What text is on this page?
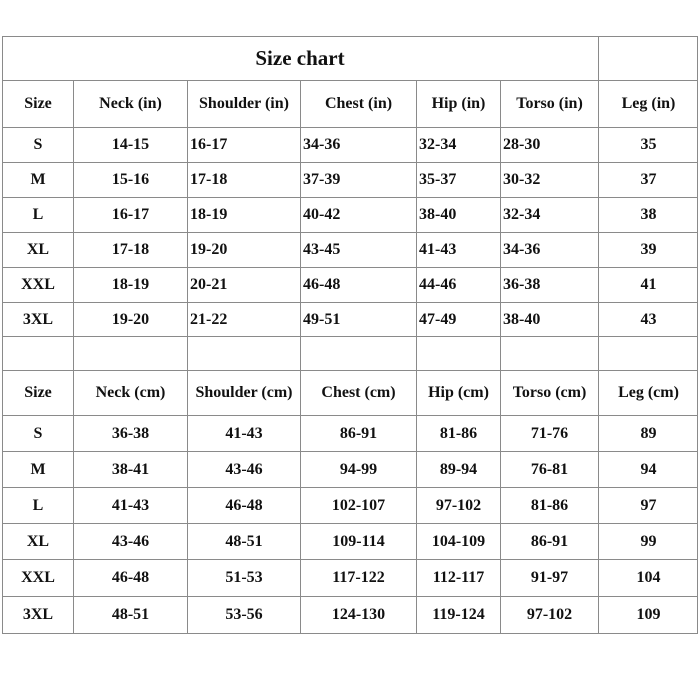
Size chart
Size	Neck (in)	Shoulder (in)	Chest (in)	Hip (in)	Torso (in)	Leg (in)
S	14-15	16-17	34-36	32-34	28-30	35
M	15-16	17-18	37-39	35-37	30-32	37
L	16-17	18-19	40-42	38-40	32-34	38
XL	17-18	19-20	43-45	41-43	34-36	39
XXL	18-19	20-21	46-48	44-46	36-38	41
3XL	19-20	21-22	49-51	47-49	38-40	43
Size	Neck (cm)	Shoulder (cm)	Chest (cm)	Hip (cm)	Torso (cm)	Leg (cm)
S	36-38	41-43	86-91	81-86	71-76	89
M	38-41	43-46	94-99	89-94	76-81	94
L	41-43	46-48	102-107	97-102	81-86	97
XL	43-46	48-51	109-114	104-109	86-91	99
XXL	46-48	51-53	117-122	112-117	91-97	104
3XL	48-51	53-56	124-130	119-124	97-102	109
